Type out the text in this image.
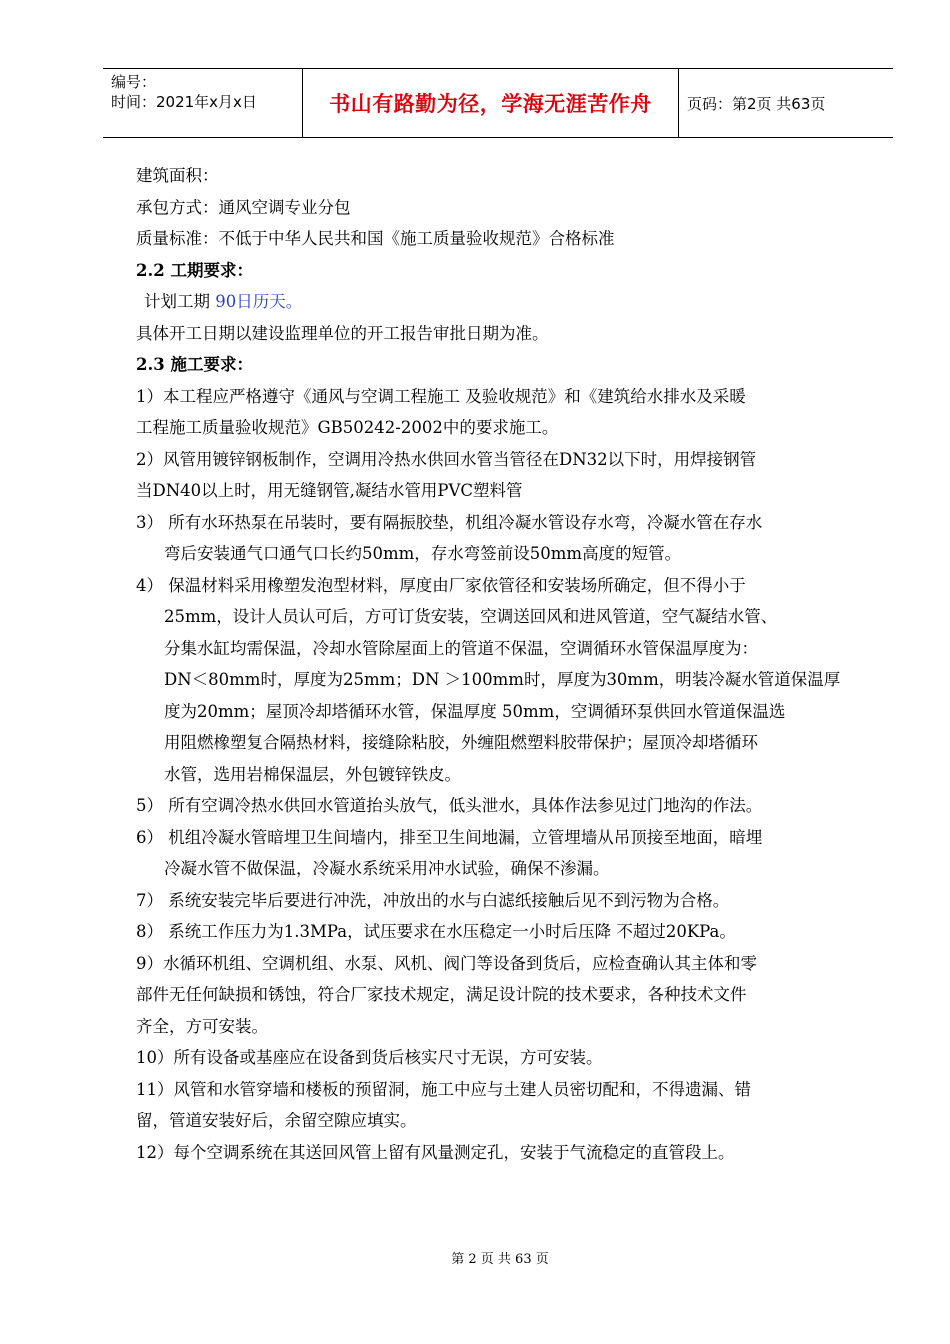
编号：
时间：2021年x月x日	书山有路勤为径，学海无涯苦作舟	页码：第2页 共63页
建筑面积：
承包方式：通风空调专业分包
质量标准：不低于中华人民共和国《施工质量验收规范》合格标准
2.2 工期要求：
计划工期 90日历天。
具体开工日期以建设监理单位的开工报告审批日期为准。
2.3 施工要求：
1）本工程应严格遵守《通风与空调工程施工 及验收规范》和《建筑给水排水及采暖
工程施工质量验收规范》GB50242-2002中的要求施工。
2）风管用镀锌钢板制作，空调用冷热水供回水管当管径在DN32以下时，用焊接钢管
当DN40以上时，用无缝钢管,凝结水管用PVC塑料管
3） 所有水环热泵在吊装时，要有隔振胶垫，机组冷凝水管设存水弯，冷凝水管在存水
弯后安装通气口通气口长约50mm，存水弯签前设50mm高度的短管。
4） 保温材料采用橡塑发泡型材料，厚度由厂家依管径和安装场所确定，但不得小于
25mm，设计人员认可后，方可订货安装，空调送回风和进风管道，空气凝结水管、
分集水缸均需保温，冷却水管除屋面上的管道不保温，空调循环水管保温厚度为：
DN＜80mm时，厚度为25mm；DN ＞100mm时，厚度为30mm，明装冷凝水管道保温厚
度为20mm；屋顶冷却塔循环水管，保温厚度 50mm，空调循环泵供回水管道保温选
用阻燃橡塑复合隔热材料，接缝除粘胶，外缠阻燃塑料胶带保护；屋顶冷却塔循环
水管，选用岩棉保温层，外包镀锌铁皮。
5） 所有空调冷热水供回水管道抬头放气，低头泄水，具体作法参见过门地沟的作法。
6） 机组冷凝水管暗埋卫生间墙内，排至卫生间地漏，立管埋墙从吊顶接至地面，暗埋
冷凝水管不做保温，冷凝水系统采用冲水试验，确保不渗漏。
7） 系统安装完毕后要进行冲洗，冲放出的水与白滤纸接触后见不到污物为合格。
8） 系统工作压力为1.3MPa，试压要求在水压稳定一小时后压降 不超过20KPa。
9）水循环机组、空调机组、水泵、风机、阀门等设备到货后，应检查确认其主体和零
部件无任何缺损和锈蚀，符合厂家技术规定，满足设计院的技术要求，各种技术文件
齐全，方可安装。
10）所有设备或基座应在设备到货后核实尺寸无误，方可安装。
11）风管和水管穿墙和楼板的预留洞，施工中应与土建人员密切配和，不得遗漏、错
留，管道安装好后，余留空隙应填实。
12）每个空调系统在其送回风管上留有风量测定孔，安装于气流稳定的直管段上。
第 2 页 共 63 页
